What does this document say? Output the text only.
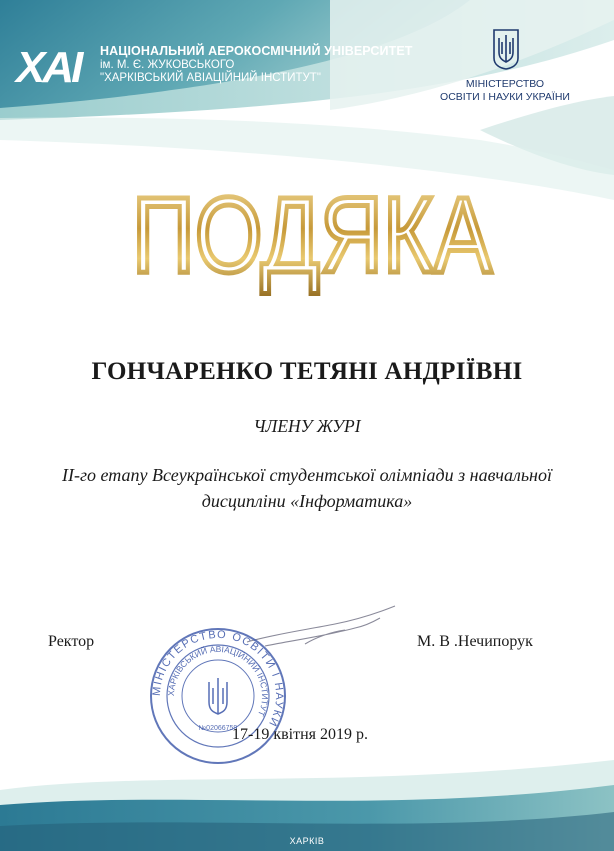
ХАІ	НАЦІОНАЛЬНИЙ АЕРОКОСМІЧНИЙ УНІВЕРСИТЕТ
ім. М. Є. ЖУКОВСЬКОГО
"ХАРКІВСЬКИЙ АВІАЦІЙНИЙ ІНСТИТУТ"	МІНІСТЕРСТВО
ОСВІТИ І НАУКИ УКРАЇНИ
ПОДЯКА
ГОНЧАРЕНКО ТЕТЯНІ АНДРІЇВНІ
ЧЛЕНУ ЖУРІ
ІІ-го етапу Всеукраїнської студентської олімпіади з навчальної дисципліни «Інформатика»
Ректор	М. В .Нечипорук
МІНІСТЕРСТВО ОСВІТИ І НАУКИ
ХАРКІВСЬКИЙ АВІАЦІЙНИЙ ІНСТИТУТ
№02066759
17-19 квітня 2019 р.
ХАРКІВ
